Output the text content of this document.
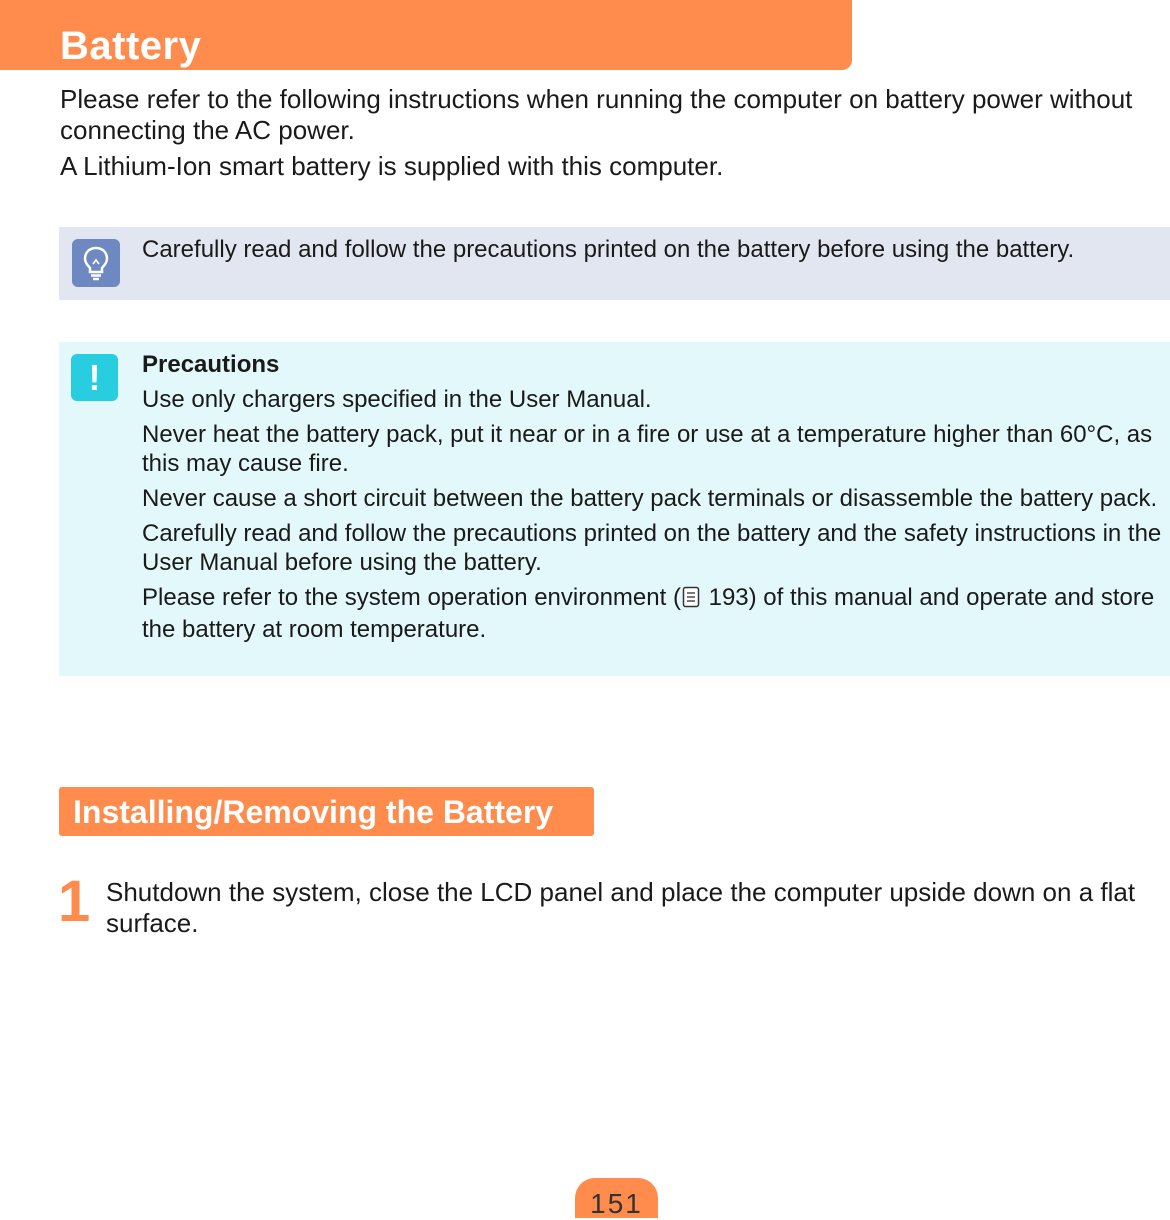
Battery

Please refer to the following instructions when running the computer on battery power without connecting the AC power.

A Lithium-Ion smart battery is supplied with this computer.

Carefully read and follow the precautions printed on the battery before using the battery.
!	Precautions
Use only chargers specified in the User Manual.
Never heat the battery pack, put it near or in a fire or use at a temperature higher than 60°C, as this may cause fire.
Never cause a short circuit between the battery pack terminals or disassemble the battery pack.
Carefully read and follow the precautions printed on the battery and the safety instructions in the User Manual before using the battery.
Please refer to the system operation environment ( 193) of this manual and operate and store the battery at room temperature.
Installing/Removing the Battery
1 Shutdown the system, close the LCD panel and place the computer upside down on a flat surface.
151
